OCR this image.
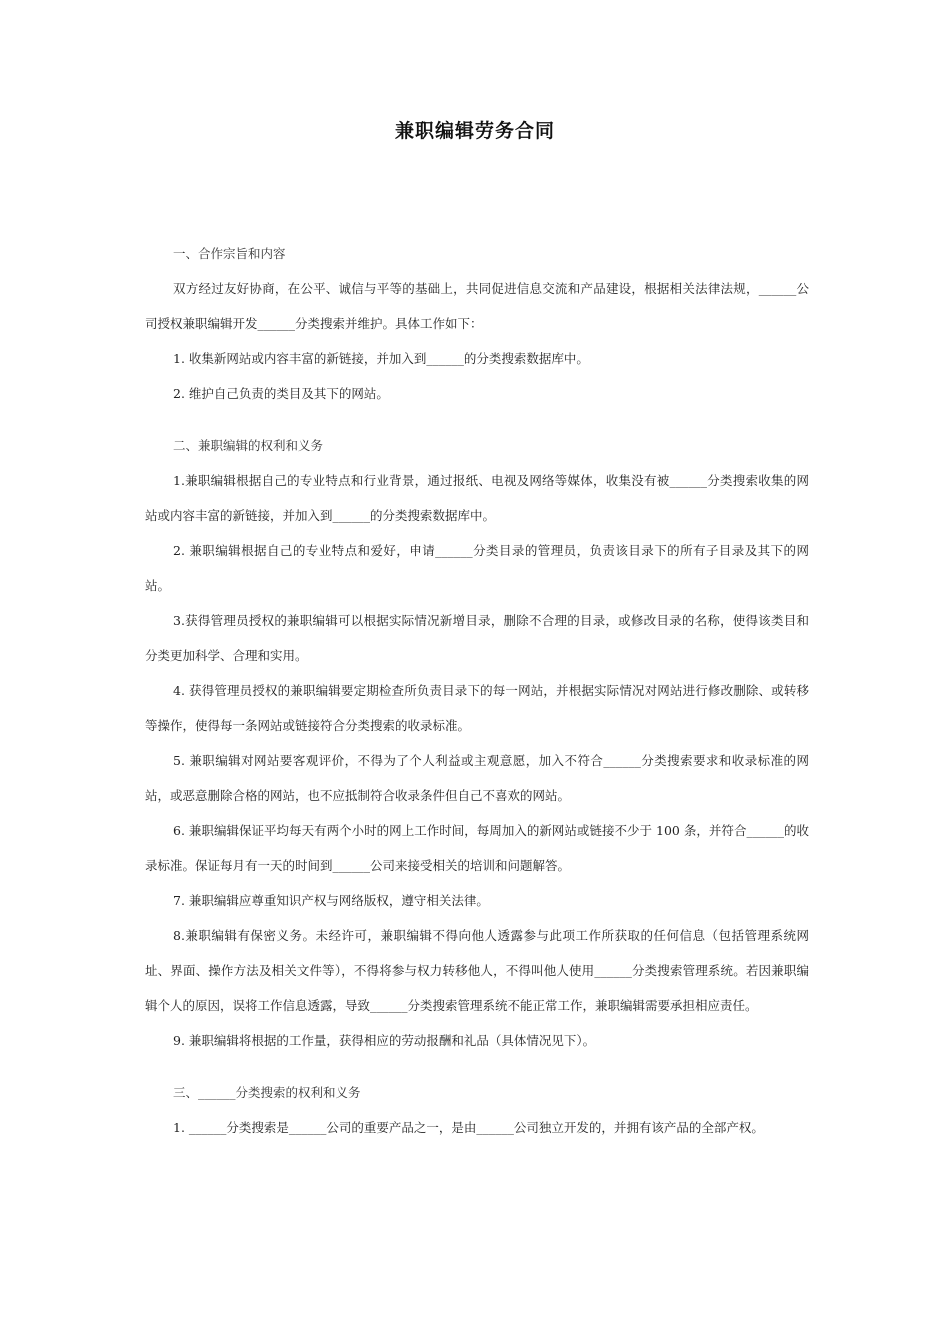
兼职编辑劳务合同

一、合作宗旨和内容

双方经过友好协商，在公平、诚信与平等的基础上，共同促进信息交流和产品建设，根据相关法律法规，______公司授权兼职编辑开发______分类搜索并维护。具体工作如下：

1. 收集新网站或内容丰富的新链接，并加入到______的分类搜索数据库中。

2. 维护自己负责的类目及其下的网站。

二、兼职编辑的权利和义务

1.兼职编辑根据自己的专业特点和行业背景，通过报纸、电视及网络等媒体，收集没有被______分类搜索收集的网站或内容丰富的新链接，并加入到______的分类搜索数据库中。

2. 兼职编辑根据自己的专业特点和爱好，申请______分类目录的管理员，负责该目录下的所有子目录及其下的网站。

3.获得管理员授权的兼职编辑可以根据实际情况新增目录，删除不合理的目录，或修改目录的名称，使得该类目和分类更加科学、合理和实用。

4. 获得管理员授权的兼职编辑要定期检查所负责目录下的每一网站，并根据实际情况对网站进行修改删除、或转移等操作，使得每一条网站或链接符合分类搜索的收录标准。

5. 兼职编辑对网站要客观评价，不得为了个人利益或主观意愿，加入不符合______分类搜索要求和收录标准的网站，或恶意删除合格的网站，也不应抵制符合收录条件但自己不喜欢的网站。

6. 兼职编辑保证平均每天有两个小时的网上工作时间，每周加入的新网站或链接不少于 100 条，并符合______的收录标准。保证每月有一天的时间到______公司来接受相关的培训和问题解答。

7. 兼职编辑应尊重知识产权与网络版权，遵守相关法律。

8.兼职编辑有保密义务。未经许可，兼职编辑不得向他人透露参与此项工作所获取的任何信息（包括管理系统网址、界面、操作方法及相关文件等），不得将参与权力转移他人，不得叫他人使用______分类搜索管理系统。若因兼职编辑个人的原因，误将工作信息透露，导致______分类搜索管理系统不能正常工作，兼职编辑需要承担相应责任。

9. 兼职编辑将根据的工作量，获得相应的劳动报酬和礼品（具体情况见下）。

三、______分类搜索的权利和义务

1. ______分类搜索是______公司的重要产品之一，是由______公司独立开发的，并拥有该产品的全部产权。
